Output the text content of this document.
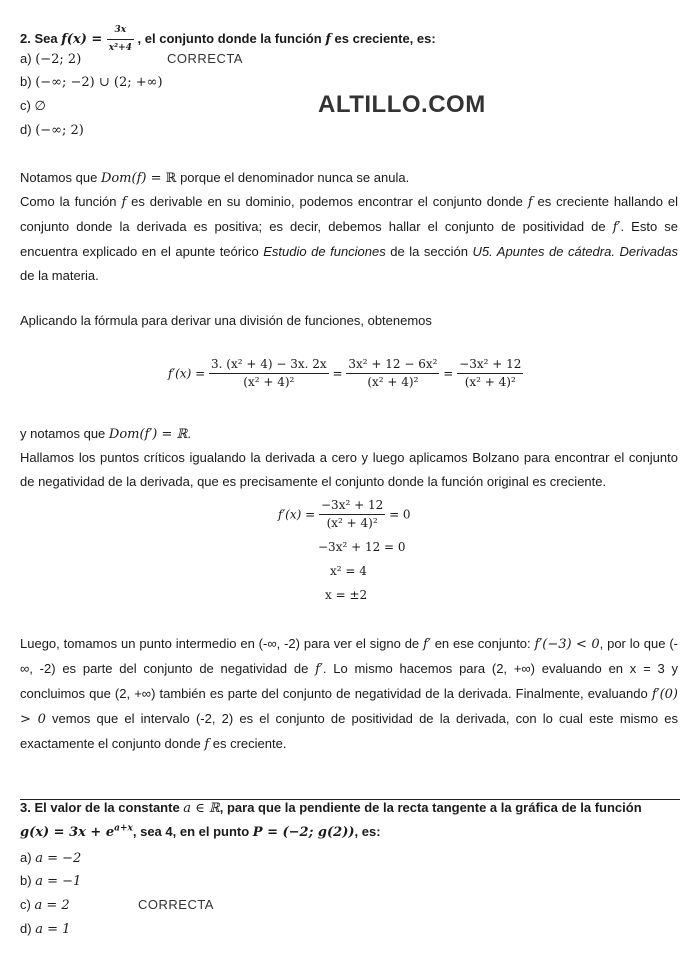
2. Sea $f(x) = \frac{3x}{\text{x²+4}}$ , el conjunto donde la función f es creciente, es:
a) (−2; 2)	CORRECTA
b) (−∞; −2) ∪ (2; +∞)
c) ∅	ALTILLO.COM
d) (−∞; 2)
Notamos que Dom(f) = ℝ porque el denominador nunca se anula.
Como la función f es derivable en su dominio, podemos encontrar el conjunto donde f es creciente hallando el conjunto donde la derivada es positiva; es decir, debemos hallar el conjunto de positividad de f′. Esto se encuentra explicado en el apunte teórico Estudio de funciones de la sección U5. Apuntes de cátedra. Derivadas de la materia.
Aplicando la fórmula para derivar una división de funciones, obtenemos
$f'(x) = \frac{\text{3. (x² + 4) − 3x. 2x}}{\text{(x² + 4)²}} = \frac{\text{3x² + 12 − 6x²}}{\text{(x² + 4)²}} = \frac{\text{−3x² + 12}}{\text{(x² + 4)²}}$
y notamos que Dom(f′) = ℝ.
Hallamos los puntos críticos igualando la derivada a cero y luego aplicamos Bolzano para encontrar el conjunto de negatividad de la derivada, que es precisamente el conjunto donde la función original es creciente.
$f'(x) = \frac{\text{−3x² + 12}}{\text{(x² + 4)²}} = 0$
−3x² + 12 = 0
x² = 4
x = ±2
Luego, tomamos un punto intermedio en (-∞, -2) para ver el signo de f′ en ese conjunto: f′(−3) < 0, por lo que (-∞, -2) es parte del conjunto de negatividad de f′. Lo mismo hacemos para (2, +∞) evaluando en x = 3 y concluimos que (2, +∞) también es parte del conjunto de negatividad de la derivada. Finalmente, evaluando f′(0) > 0 vemos que el intervalo (-2, 2) es el conjunto de positividad de la derivada, con lo cual este mismo es exactamente el conjunto donde f es creciente.
3. El valor de la constante a ∈ ℝ, para que la pendiente de la recta tangente a la gráfica de la función
$g(x) = 3x + e^{a+x}$, sea 4, en el punto P = (−2; g(2)), es:
a) a = −2
b) a = −1
c) a = 2	CORRECTA
d) a = 1
